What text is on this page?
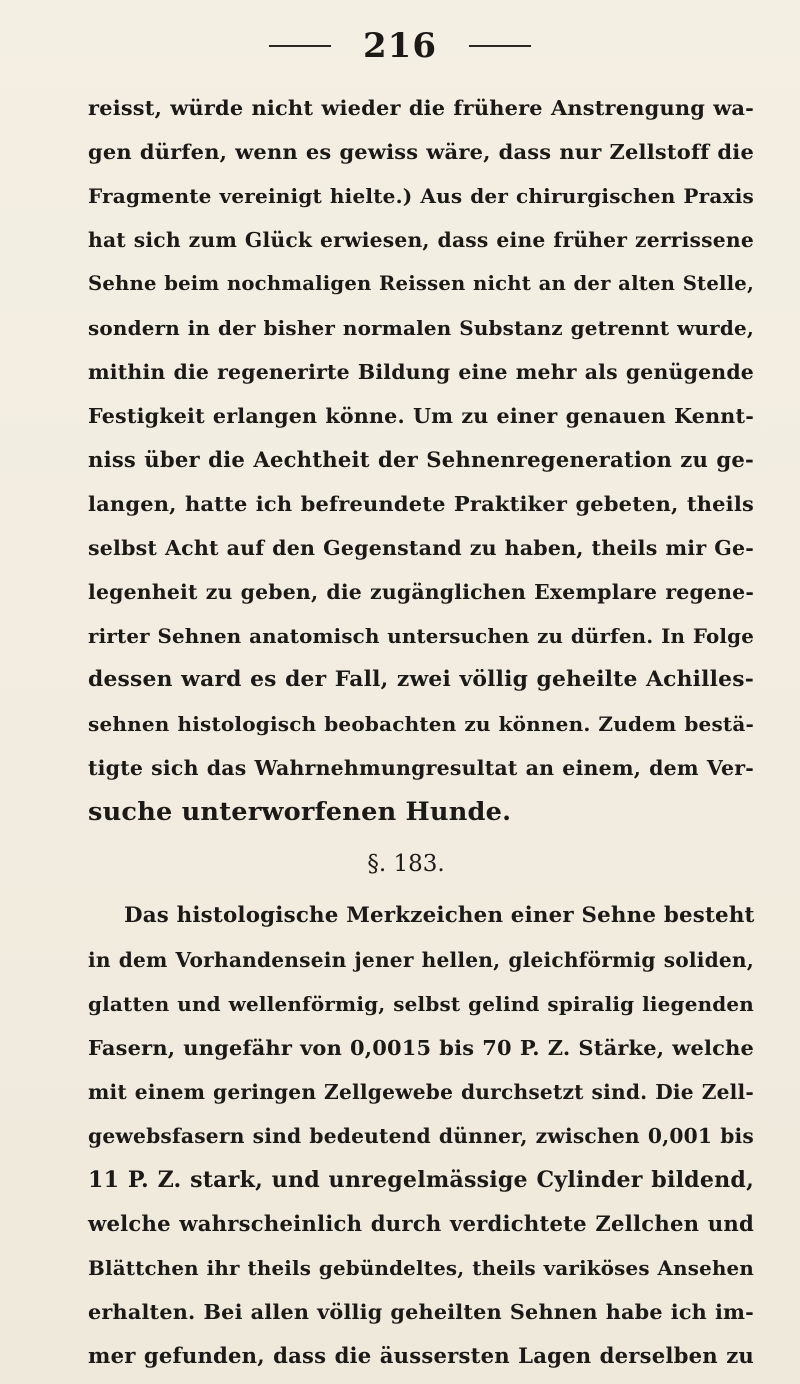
216
reisst, würde nicht wieder die frühere Anstrengung wa-
gen dürfen, wenn es gewiss wäre, dass nur Zellstoff die
Fragmente vereinigt hielte.) Aus der chirurgischen Praxis
hat sich zum Glück erwiesen, dass eine früher zerrissene
Sehne beim nochmaligen Reissen nicht an der alten Stelle,
sondern in der bisher normalen Substanz getrennt wurde,
mithin die regenerirte Bildung eine mehr als genügende
Festigkeit erlangen könne. Um zu einer genauen Kennt-
niss über die Aechtheit der Sehnenregeneration zu ge-
langen, hatte ich befreundete Praktiker gebeten, theils
selbst Acht auf den Gegenstand zu haben, theils mir Ge-
legenheit zu geben, die zugänglichen Exemplare regene-
rirter Sehnen anatomisch untersuchen zu dürfen. In Folge
dessen ward es der Fall, zwei völlig geheilte Achilles-
sehnen histologisch beobachten zu können. Zudem bestä-
tigte sich das Wahrnehmungresultat an einem, dem Ver-
suche unterworfenen Hunde.
§. 183.
Das histologische Merkzeichen einer Sehne besteht
in dem Vorhandensein jener hellen, gleichförmig soliden,
glatten und wellenförmig, selbst gelind spiralig liegenden
Fasern, ungefähr von 0,0015 bis 70 P. Z. Stärke, welche
mit einem geringen Zellgewebe durchsetzt sind. Die Zell-
gewebsfasern sind bedeutend dünner, zwischen 0,001 bis
11 P. Z. stark, und unregelmässige Cylinder bildend,
welche wahrscheinlich durch verdichtete Zellchen und
Blättchen ihr theils gebündeltes, theils variköses Ansehen
erhalten. Bei allen völlig geheilten Sehnen habe ich im-
mer gefunden, dass die äussersten Lagen derselben zu
